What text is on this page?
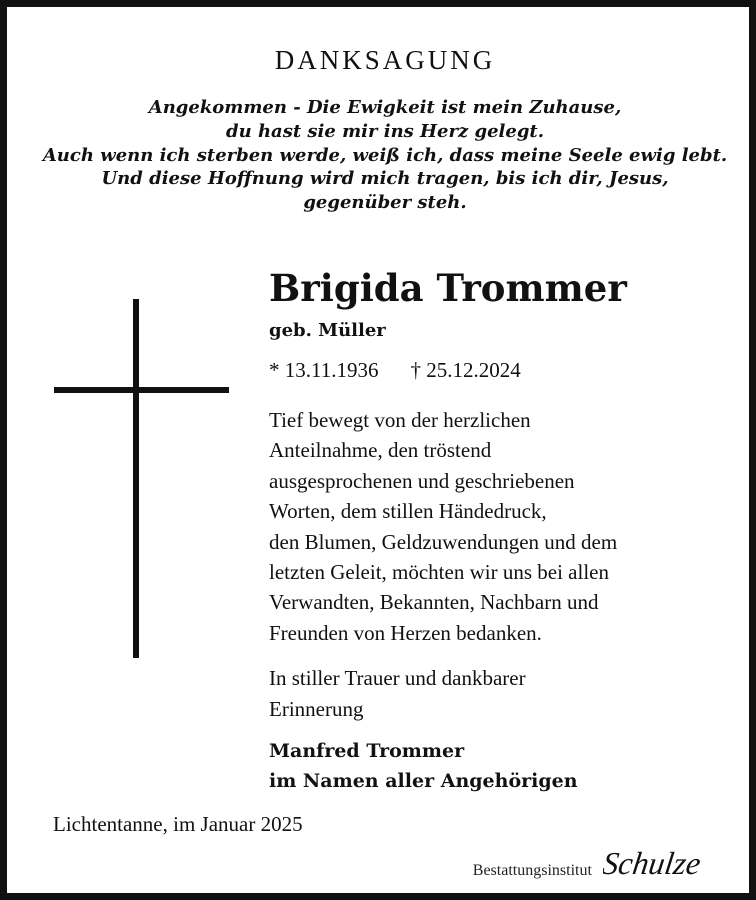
DANKSAGUNG
Angekommen - Die Ewigkeit ist mein Zuhause,
du hast sie mir ins Herz gelegt.
Auch wenn ich sterben werde, weiß ich, dass meine Seele ewig lebt.
Und diese Hoffnung wird mich tragen, bis ich dir, Jesus,
gegenüber steh.
Brigida Trommer
geb. Müller
* 13.11.1936 † 25.12.2024
Tief bewegt von der herzlichen
Anteilnahme, den tröstend
ausgesprochenen und geschriebenen
Worten, dem stillen Händedruck,
den Blumen, Geldzuwendungen und dem
letzten Geleit, möchten wir uns bei allen
Verwandten, Bekannten, Nachbarn und
Freunden von Herzen bedanken.
In stiller Trauer und dankbarer
Erinnerung
Manfred Trommer
im Namen aller Angehörigen
Lichtentanne, im Januar 2025
Bestattungsinstitut Schulze
